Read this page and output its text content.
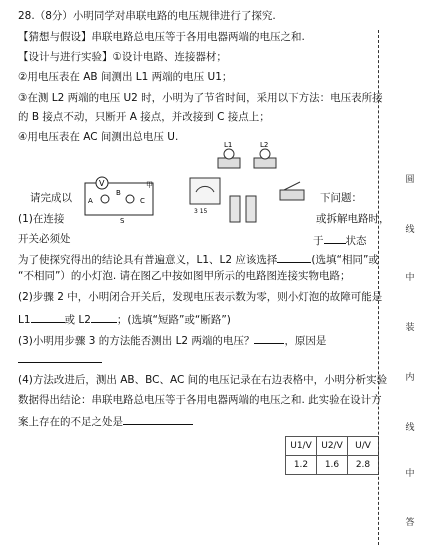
28.（8分）小明同学对串联电路的电压规律进行了探究.
【猜想与假设】串联电路总电压等于各用电器两端的电压之和.
【设计与进行实验】①设计电路、连接器材；
②用电压表在 AB 间测出 L1 两端的电压 U1；
③在测 L2 两端的电压 U2 时，小明为了节省时间，采用以下方法：电压表所接
的 B 接点不动，只断开 A 接点，并改接到 C 接点上；
④用电压表在 AC 间测出总电压 U.
V
A
B
C
S
甲
L1	L2
3 15
请完成以	下问题：
(1)在连接	或拆解电路时，
开关必须处	于 状态
为了使探究得出的结论具有普遍意义，L1、L2 应该选择	(选填“相同”或
“不相同”）的小灯泡. 请在图乙中按如图甲所示的电路图连接实物电路；
(2)步骤 2 中，小明闭合开关后，发现电压表示数为零，则小灯泡的故障可能是
L1	或 L2 ；(选填“短路”或“断路”)
(3)小明用步骤 3 的方法能否测出 L2 两端的电压？	，原因是
(4)方法改进后，测出 AB、BC、AC 间的电压记录在右边表格中，小明分析实验
数据得出结论：串联电路总电压等于各用电器两端的电压之和. 此实验在设计方
案上存在的不足之处是
U1/V	U2/V	U/V
1.2	1.6	2.8
圆
线
中
装
内
线
中
答
